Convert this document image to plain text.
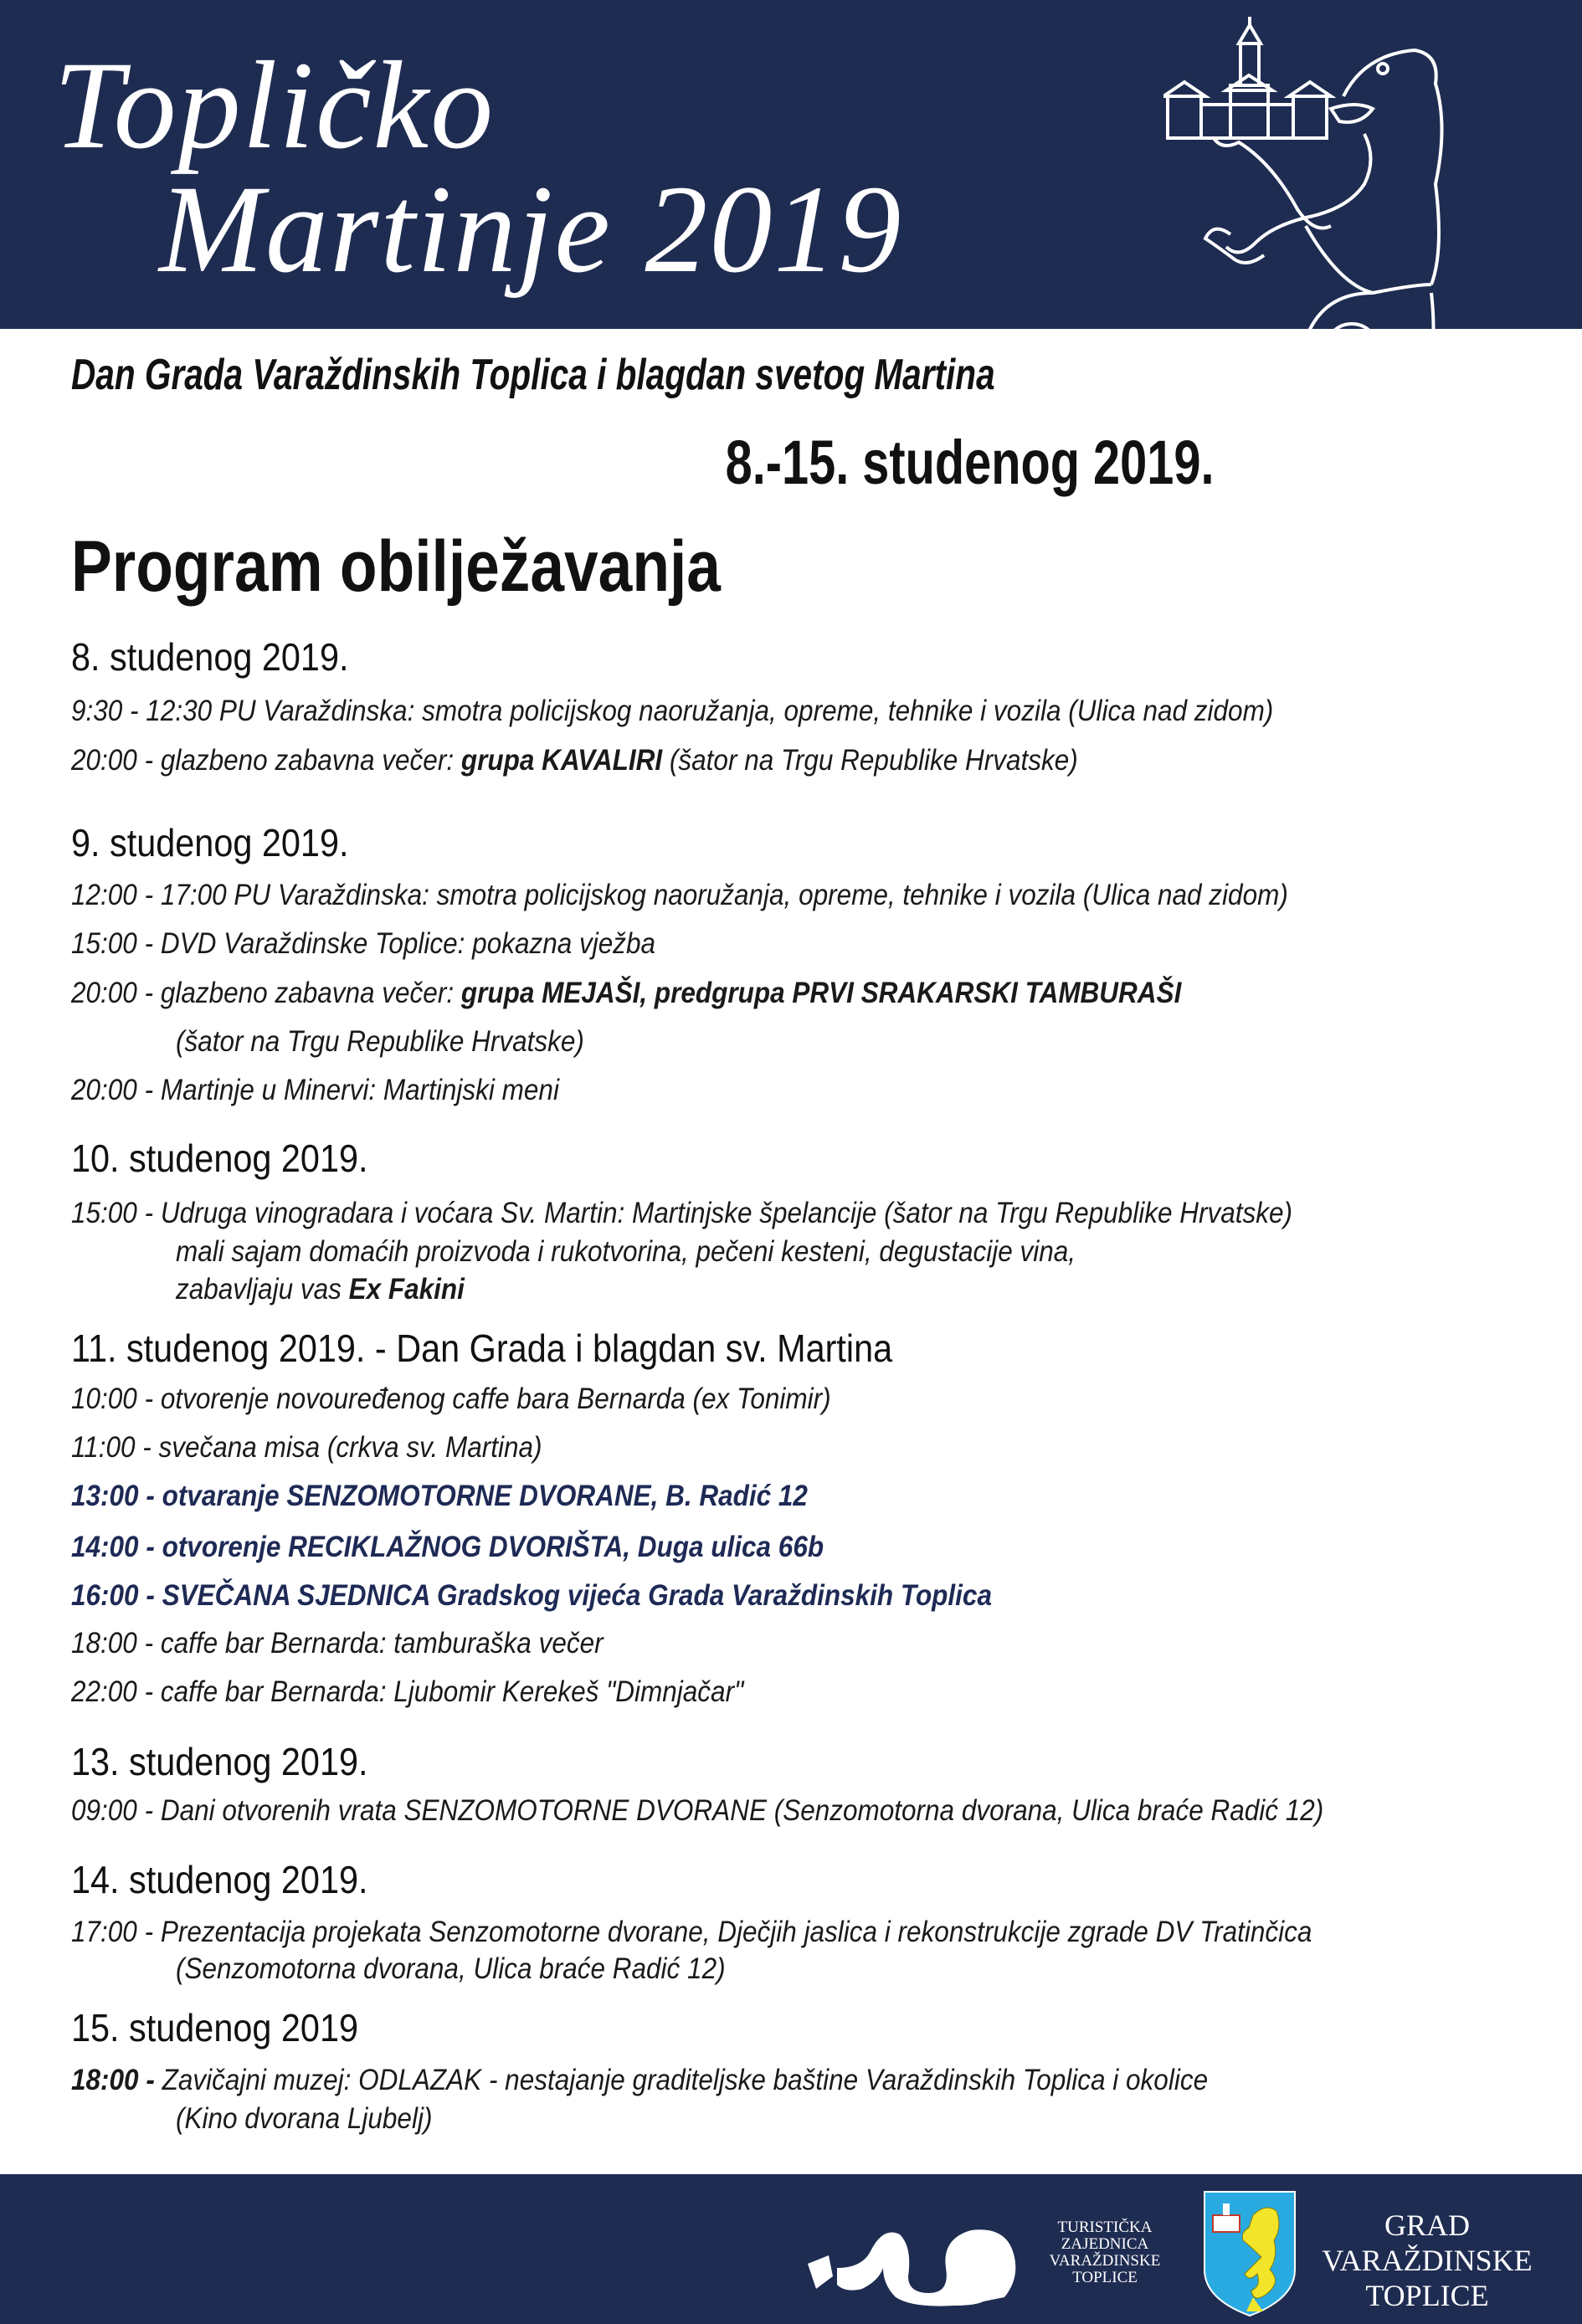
Topličko
Martinje 2019
Dan Grada Varaždinskih Toplica i blagdan svetog Martina
8.-15. studenog 2019.
Program obilježavanja
8. studenog 2019.
9:30 - 12:30 PU Varaždinska: smotra policijskog naoružanja, opreme, tehnike i vozila (Ulica nad zidom)
20:00 - glazbeno zabavna večer: grupa KAVALIRI (šator na Trgu Republike Hrvatske)
9. studenog 2019.
12:00 - 17:00 PU Varaždinska: smotra policijskog naoružanja, opreme, tehnike i vozila (Ulica nad zidom)
15:00 - DVD Varaždinske Toplice: pokazna vježba
20:00 - glazbeno zabavna večer: grupa MEJAŠI, predgrupa PRVI SRAKARSKI TAMBURAŠI
(šator na Trgu Republike Hrvatske)
20:00 - Martinje u Minervi: Martinjski meni
10. studenog 2019.
15:00 - Udruga vinogradara i voćara Sv. Martin: Martinjske špelancije (šator na Trgu Republike Hrvatske)
mali sajam domaćih proizvoda i rukotvorina, pečeni kesteni, degustacije vina,
zabavljaju vas Ex Fakini
11. studenog 2019. - Dan Grada i blagdan sv. Martina
10:00 - otvorenje novouređenog caffe bara Bernarda (ex Tonimir)
11:00 - svečana misa (crkva sv. Martina)
13:00 - otvaranje SENZOMOTORNE DVORANE, B. Radić 12
14:00 - otvorenje RECIKLAŽNOG DVORIŠTA, Duga ulica 66b
16:00 - SVEČANA SJEDNICA Gradskog vijeća Grada Varaždinskih Toplica
18:00 - caffe bar Bernarda: tamburaška večer
22:00 - caffe bar Bernarda: Ljubomir Kerekeš "Dimnjačar"
13. studenog 2019.
09:00 - Dani otvorenih vrata SENZOMOTORNE DVORANE (Senzomotorna dvorana, Ulica braće Radić 12)
14. studenog 2019.
17:00 - Prezentacija projekata Senzomotorne dvorane, Dječjih jaslica i rekonstrukcije zgrade DV Tratinčica
(Senzomotorna dvorana, Ulica braće Radić 12)
15. studenog 2019
18:00 - Zavičajni muzej: ODLAZAK - nestajanje graditeljske baštine Varaždinskih Toplica i okolice
(Kino dvorana Ljubelj)
TURISTIČKA
ZAJEDNICA
VARAŽDINSKE
TOPLICE
GRAD
VARAŽDINSKE
TOPLICE
